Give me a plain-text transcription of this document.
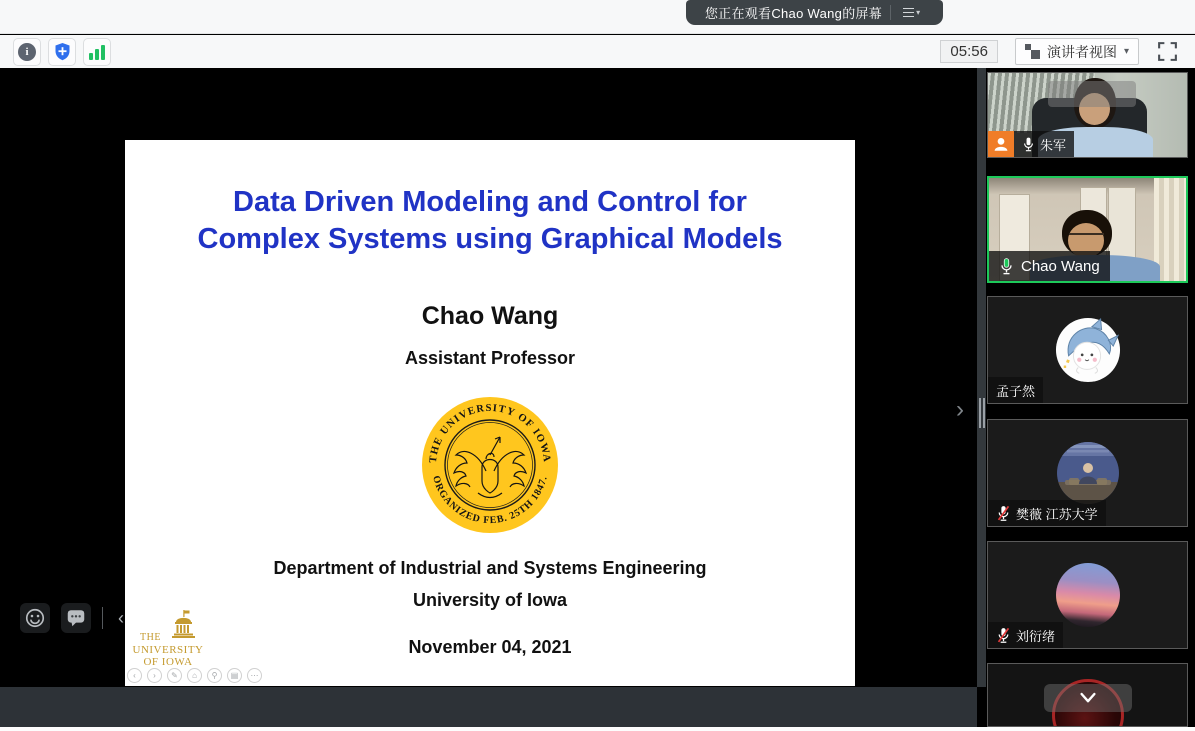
您正在观看Chao Wang的屏幕	▾
i	05:56	演讲者视图 ▾
Data Driven Modeling and Control for
Complex Systems using Graphical Models
Chao Wang
Assistant Professor
THE UNIVERSITY OF IOWA
ORGANIZED FEB. 25TH 1847.
Department of Industrial and Systems Engineering
University of Iowa
November 04, 2021
THE
UNIVERSITY
OF IOWA
‹	›	✎	⌂	⚲	▤	⋯
‹
›
朱军
Chao Wang
孟子然
樊薇 江苏大学
刘衍绪
